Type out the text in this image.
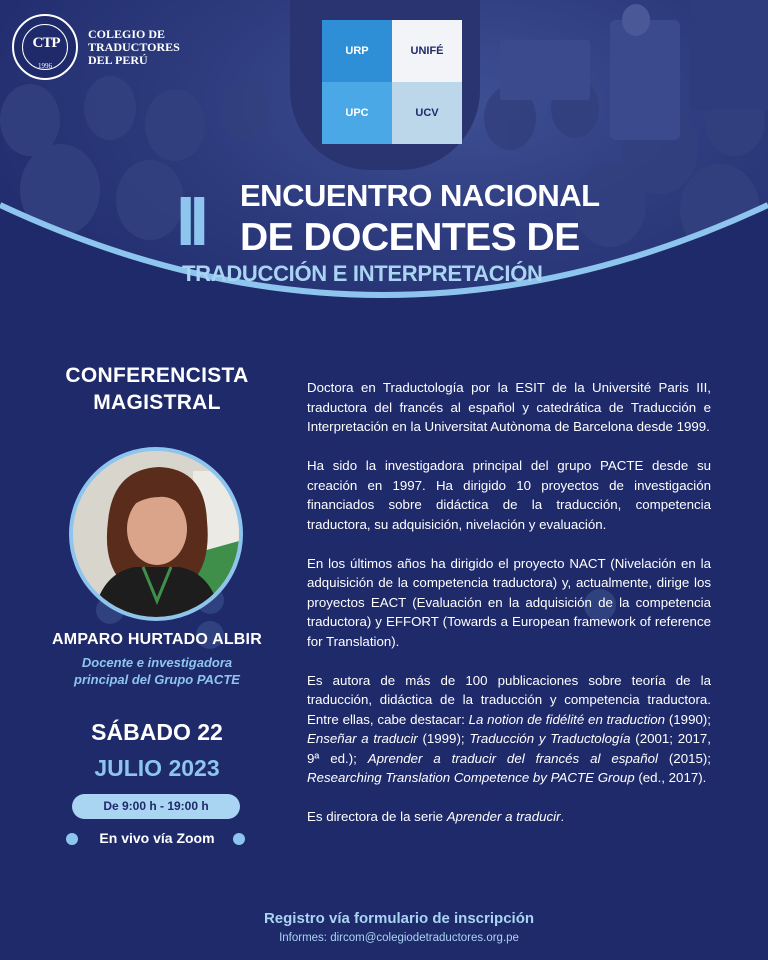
CTP
1996
COLEGIO DE
TRADUCTORES
DEL PERÚ
URP	UNIFÉ
UPC	UCV
II	ENCUENTRO NACIONAL
DE DOCENTES DE
TRADUCCIÓN E INTERPRETACIÓN
CONFERENCISTA
MAGISTRAL
AMPARO HURTADO ALBIR
Docente e investigadora
principal del Grupo PACTE
SÁBADO 22
JULIO 2023
De 9:00 h - 19:00 h
En vivo vía Zoom

Doctora en Traductología por la ESIT de la Université Paris III, traductora del francés al español y catedrática de Traducción e Interpretación en la Universitat Autònoma de Barcelona desde 1999.

Ha sido la investigadora principal del grupo PACTE desde su creación en 1997. Ha dirigido 10 proyectos de investigación financiados sobre didáctica de la traducción, competencia traductora, su adquisición, nivelación y evaluación.

En los últimos años ha dirigido el proyecto NACT (Nivelación en la adquisición de la competencia traductora) y, actualmente, dirige los proyectos EACT (Evaluación en la adquisición de la competencia traductora) y EFFORT (Towards a European framework of reference for Translation).

Es autora de más de 100 publicaciones sobre teoría de la traducción, didáctica de la traducción y competencia traductora. Entre ellas, cabe destacar: La notion de fidélité en traduction (1990); Enseñar a traducir (1999); Traducción y Traductología (2001; 2017, 9ª ed.); Aprender a traducir del francés al español (2015); Researching Translation Competence by PACTE Group (ed., 2017).

Es directora de la serie Aprender a traducir.

Registro vía formulario de inscripción
Informes: dircom@colegiodetraductores.org.pe
